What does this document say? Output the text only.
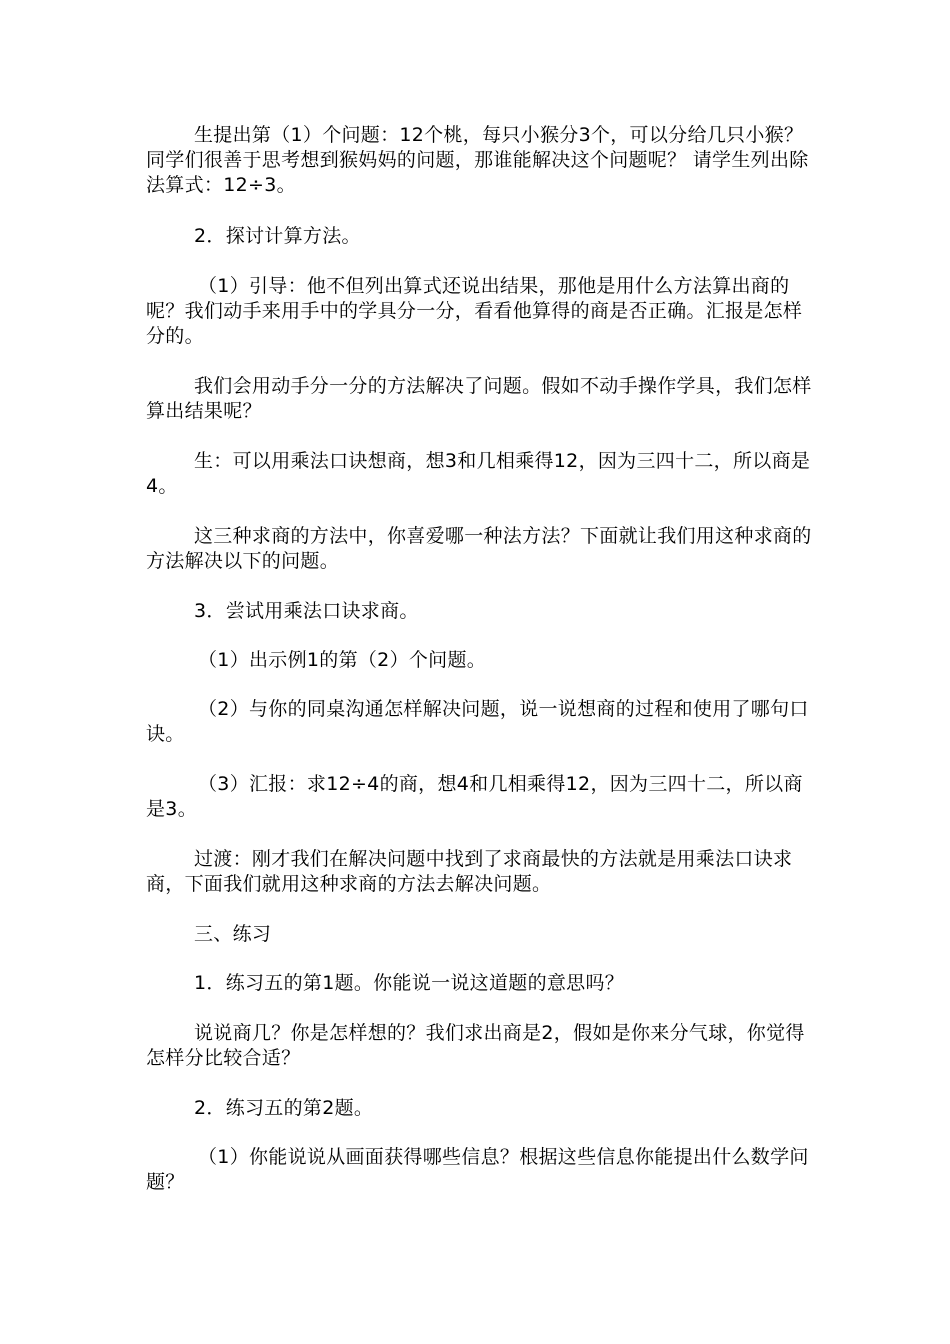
生提出第（1）个问题：12个桃，每只小猴分3个，可以分给几只小猴？同学们很善于思考想到猴妈妈的问题，那谁能解决这个问题呢？ 请学生列出除法算式：12÷3。

2．探讨计算方法。

（1）引导：他不但列出算式还说出结果，那他是用什么方法算出商的呢？我们动手来用手中的学具分一分，看看他算得的商是否正确。汇报是怎样分的。

我们会用动手分一分的方法解决了问题。假如不动手操作学具，我们怎样算出结果呢？

生：可以用乘法口诀想商，想3和几相乘得12，因为三四十二，所以商是4。

这三种求商的方法中，你喜爱哪一种法方法？下面就让我们用这种求商的方法解决以下的问题。

3．尝试用乘法口诀求商。

（1）出示例1的第（2）个问题。

（2）与你的同桌沟通怎样解决问题，说一说想商的过程和使用了哪句口诀。

（3）汇报：求12÷4的商，想4和几相乘得12，因为三四十二，所以商是3。

过渡：刚才我们在解决问题中找到了求商最快的方法就是用乘法口诀求商，下面我们就用这种求商的方法去解决问题。

三、练习

1．练习五的第1题。你能说一说这道题的意思吗？

说说商几？你是怎样想的？我们求出商是2，假如是你来分气球，你觉得怎样分比较合适？

2．练习五的第2题。

（1）你能说说从画面获得哪些信息？根据这些信息你能提出什么数学问题？
